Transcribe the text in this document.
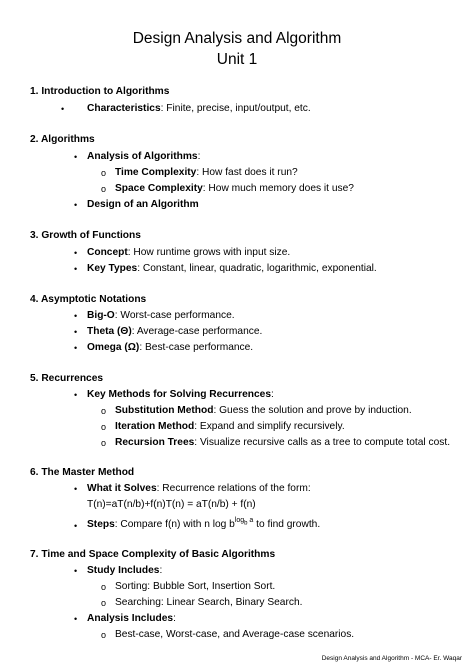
Design Analysis and Algorithm
Unit 1
1. Introduction to Algorithms
• Characteristics: Finite, precise, input/output, etc.
2. Algorithms
• Analysis of Algorithms:
o Time Complexity: How fast does it run?
o Space Complexity: How much memory does it use?
• Design of an Algorithm
3. Growth of Functions
• Concept: How runtime grows with input size.
• Key Types: Constant, linear, quadratic, logarithmic, exponential.
4. Asymptotic Notations
• Big-O: Worst-case performance.
• Theta (Θ): Average-case performance.
• Omega (Ω): Best-case performance.
5. Recurrences
• Key Methods for Solving Recurrences:
o Substitution Method: Guess the solution and prove by induction.
o Iteration Method: Expand and simplify recursively.
o Recursion Trees: Visualize recursive calls as a tree to compute total cost.
6. The Master Method
• What it Solves: Recurrence relations of the form:
T(n)=aT(n/b)+f(n)T(n) = aT(n/b) + f(n)
• Steps: Compare f(n) with n $\log b^{log_b a}$ to find growth.
7. Time and Space Complexity of Basic Algorithms
• Study Includes:
o Sorting: Bubble Sort, Insertion Sort.
o Searching: Linear Search, Binary Search.
• Analysis Includes:
o Best-case, Worst-case, and Average-case scenarios.
Design Analysis and Algorithm - MCA- Er. Waqar
